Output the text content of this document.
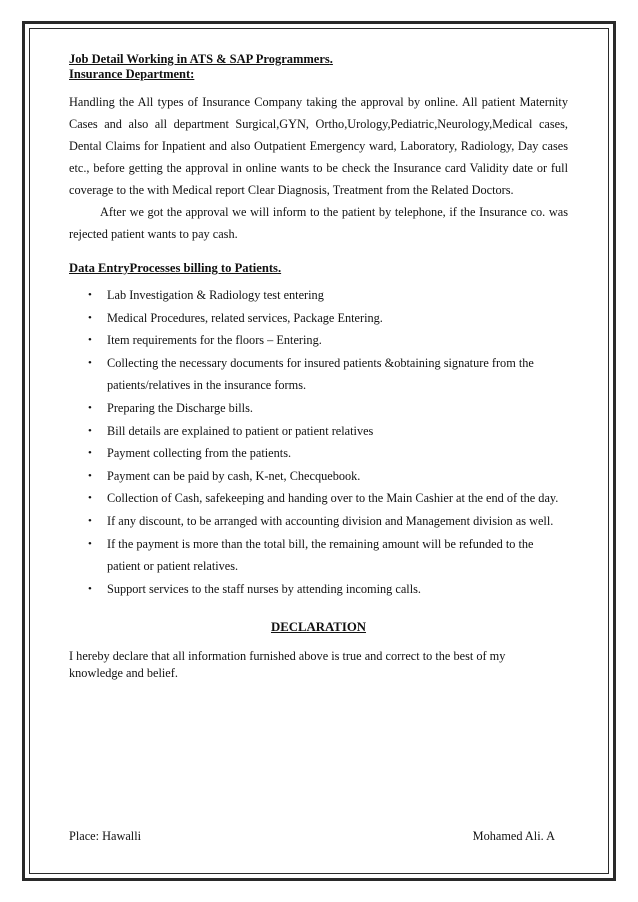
Job Detail Working in ATS & SAP Programmers.

Insurance Department:

Handling the All types of Insurance Company taking the approval by online. All patient Maternity Cases and also all department Surgical,GYN, Ortho,Urology,Pediatric,Neurology,Medical cases, Dental Claims for Inpatient and also Outpatient Emergency ward, Laboratory, Radiology, Day cases etc., before getting the approval in online wants to be check the Insurance card Validity date or full coverage to the with Medical report Clear Diagnosis, Treatment from the Related Doctors.

After we got the approval we will inform to the patient by telephone, if the Insurance co. was rejected patient wants to pay cash.

Data EntryProcesses billing to Patients.

• Lab Investigation & Radiology test entering
• Medical Procedures, related services, Package Entering.
• Item requirements for the floors – Entering.
• Collecting the necessary documents for insured patients &obtaining signature from the patients/relatives in the insurance forms.
• Preparing the Discharge bills.
• Bill details are explained to patient or patient relatives
• Payment collecting from the patients.
• Payment can be paid by cash, K-net, Checquebook.
• Collection of Cash, safekeeping and handing over to the Main Cashier at the end of the day.
• If any discount, to be arranged with accounting division and Management division as well.
• If the payment is more than the total bill, the remaining amount will be refunded to the patient or patient relatives.
• Support services to the staff nurses by attending incoming calls.

DECLARATION

I hereby declare that all information furnished above is true and correct to the best of my knowledge and belief.

Place: Hawalli	Mohamed Ali. A
